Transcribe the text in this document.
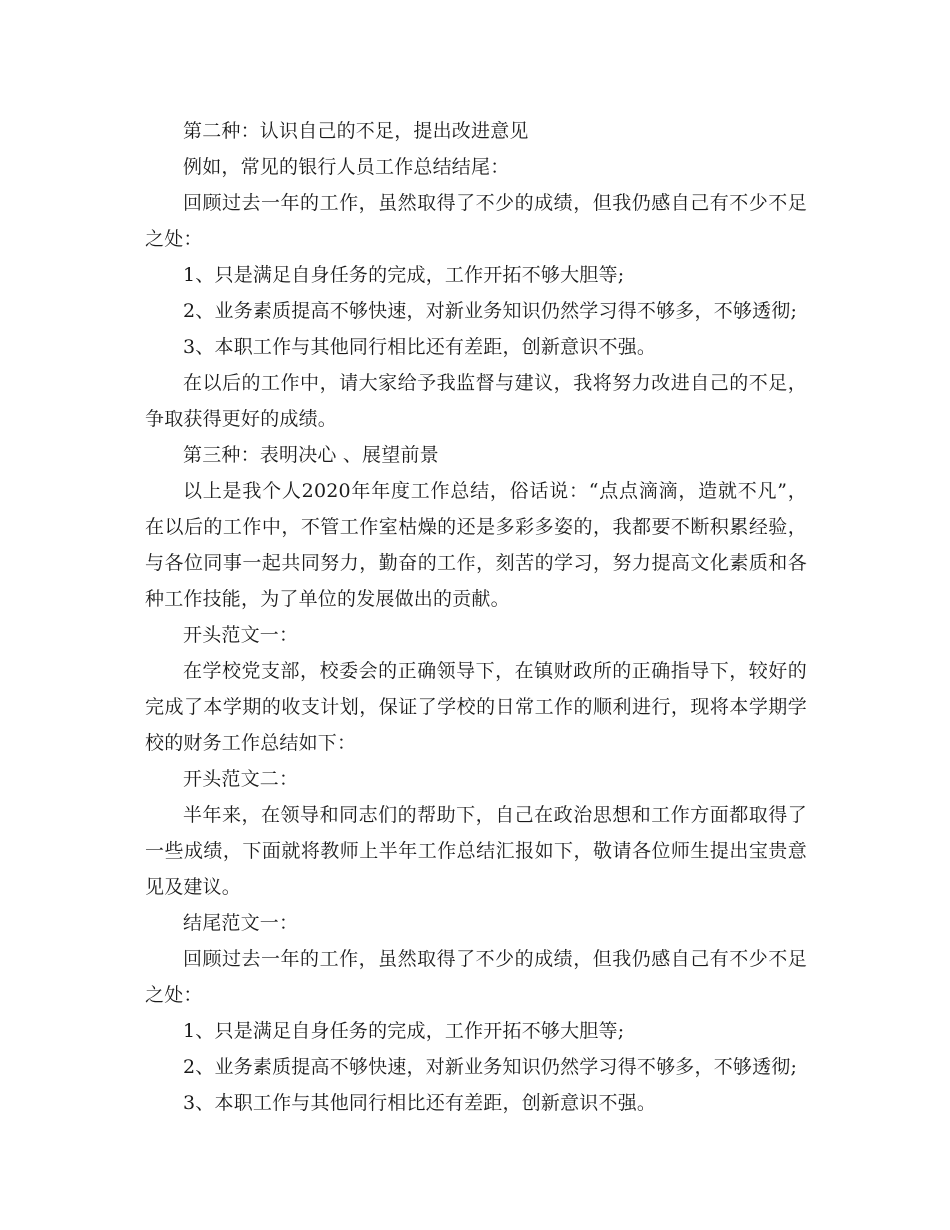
第二种：认识自己的不足，提出改进意见

例如，常见的银行人员工作总结结尾：

回顾过去一年的工作，虽然取得了不少的成绩，但我仍感自己有不少不足之处：

1、只是满足自身任务的完成，工作开拓不够大胆等;

2、业务素质提高不够快速，对新业务知识仍然学习得不够多，不够透彻;

3、本职工作与其他同行相比还有差距，创新意识不强。

在以后的工作中，请大家给予我监督与建议，我将努力改进自己的不足，争取获得更好的成绩。

第三种：表明决心 、展望前景

以上是我个人2020年年度工作总结，俗话说：“点点滴滴，造就不凡”，在以后的工作中，不管工作室枯燥的还是多彩多姿的，我都要不断积累经验，与各位同事一起共同努力，勤奋的工作，刻苦的学习，努力提高文化素质和各种工作技能，为了单位的发展做出的贡献。

开头范文一：

在学校党支部，校委会的正确领导下，在镇财政所的正确指导下，较好的完成了本学期的收支计划，保证了学校的日常工作的顺利进行，现将本学期学校的财务工作总结如下：

开头范文二：

半年来，在领导和同志们的帮助下，自己在政治思想和工作方面都取得了一些成绩，下面就将教师上半年工作总结汇报如下，敬请各位师生提出宝贵意见及建议。

结尾范文一：

回顾过去一年的工作，虽然取得了不少的成绩，但我仍感自己有不少不足之处：

1、只是满足自身任务的完成，工作开拓不够大胆等;

2、业务素质提高不够快速，对新业务知识仍然学习得不够多，不够透彻;

3、本职工作与其他同行相比还有差距，创新意识不强。
